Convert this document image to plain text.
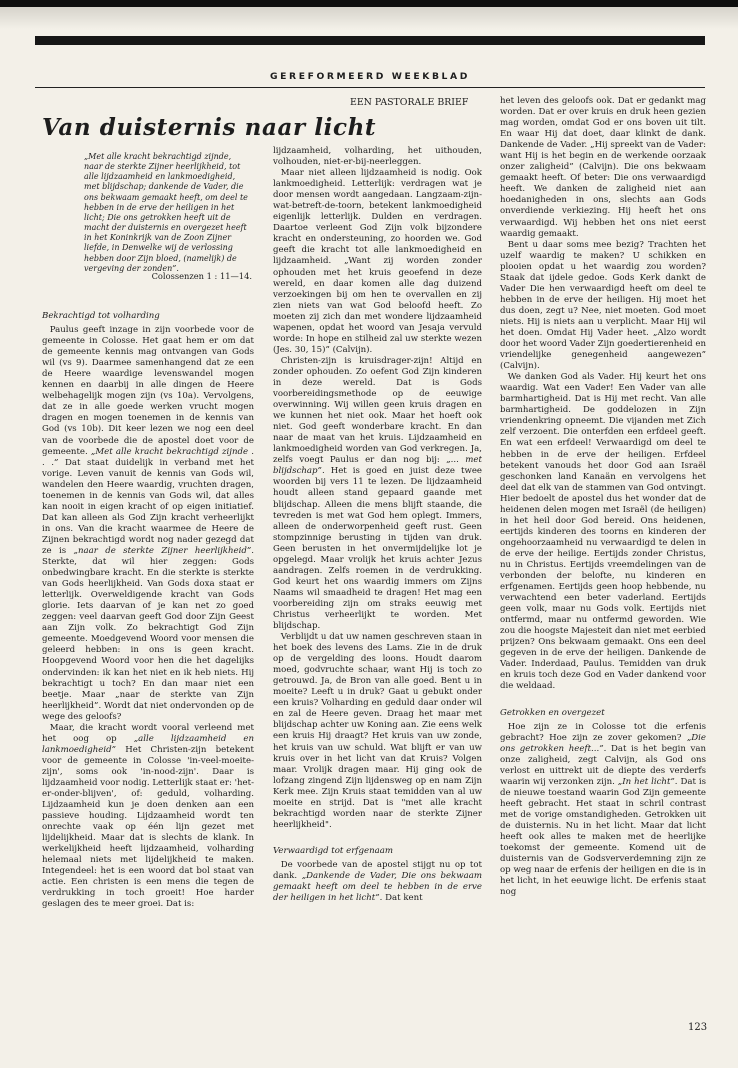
GEREFORMEERD WEEKBLAD
EEN PASTORALE BRIEF
Van duisternis naar licht
„Met alle kracht bekrachtigd zijnde, naar de sterkte Zijner heerlijkheid, tot alle lijdzaamheid en lankmoedigheid, met blijdschap; dankende de Vader, die ons bekwaam gemaakt heeft, om deel te hebben in de erve der heiligen in het licht; Die ons getrokken heeft uit de macht der duisternis en overgezet heeft in het Koninkrijk van de Zoon Zijner liefde, in Denwelke wij de verlossing hebben door Zijn bloed, (namelijk) de vergeving der zonden”.
Colossenzen 1 : 11—14.
Bekrachtigd tot volharding

Paulus geeft inzage in zijn voorbede voor de gemeente in Colosse. Het gaat hem er om dat de gemeente kennis mag ontvangen van Gods wil (vs 9). Daarmee samenhangend dat ze een de Heere waardige levenswandel mogen kennen en daarbij in alle dingen de Heere welbehagelijk mogen zijn (vs 10a). Vervolgens, dat ze in alle goede werken vrucht mogen dragen en mogen toenemen in de kennis van God (vs 10b). Dit keer lezen we nog een deel van de voorbede die de apostel doet voor de gemeente. „Met alle kracht bekrachtigd zijnde . . .” Dat staat duidelijk in verband met het vorige. Leven vanuit de kennis van Gods wil, wandelen den Heere waardig, vruchten dragen, toenemen in de kennis van Gods wil, dat alles kan nooit in eigen kracht of op eigen initiatief. Dat kan alleen als God Zijn kracht verheerlijkt in ons. Van die kracht waarmee de Heere de Zijnen bekrachtigd wordt nog nader gezegd dat ze is „naar de sterkte Zijner heerlijkheid”. Sterkte, dat wil hier zeggen: Gods onbedwingbare kracht. En die sterkte is sterkte van Gods heerlijkheid. Van Gods doxa staat er letterlijk. Overweldigende kracht van Gods glorie. Iets daarvan of je kan net zo goed zeggen: veel daarvan geeft God door Zijn Geest aan Zijn volk. Zo bekrachtigt God Zijn gemeente. Moedgevend Woord voor mensen die geleerd hebben: in ons is geen kracht. Hoopgevend Woord voor hen die het dagelijks ondervinden: ik kan het niet en ik heb niets. Hij bekrachtigt u toch? En dan maar niet een beetje. Maar „naar de sterkte van Zijn heerlijkheid”. Wordt dat niet ondervonden op de wege des geloofs?

Maar, die kracht wordt vooral verleend met het oog op „alle lijdzaamheid en lankmoedigheid” Het Christen-zijn betekent voor de gemeente in Colosse 'in-veel-moeite-zijn', soms ook 'in-nood-zijn'. Daar is lijdzaamheid voor nodig. Letterlijk staat er: 'het-er-onder-blijven', of: geduld, volharding. Lijdzaamheid kun je doen denken aan een passieve houding. Lijdzaamheid wordt ten onrechte vaak op één lijn gezet met lijdelijkheid. Maar dat is slechts de klank. In werkelijkheid heeft lijdzaamheid, volharding helemaal niets met lijdelijkheid te maken. Integendeel: het is een woord dat bol staat van actie. Een christen is een mens die tegen de verdrukking in toch groeit! Hoe harder geslagen des te meer groei. Dat is:

lijdzaamheid, volharding, het uithouden, volhouden, niet-er-bij-neerleggen.

Maar niet alleen lijdzaamheid is nodig. Ook lankmoedigheid. Letterlijk: verdragen wat je door mensen wordt aangedaan. Langzaam-zijn-wat-betreft-de-toorn, betekent lankmoedigheid eigenlijk letterlijk. Dulden en verdragen. Daartoe verleent God Zijn volk bijzondere kracht en ondersteuning, zo hoorden we. God geeft die kracht tot alle lankmoedigheid en lijdzaamheid. „Want zij worden zonder ophouden met het kruis geoefend in deze wereld, en daar komen alle dag duizend verzoekingen bij om hen te overvallen en zij zien niets van wat God beloofd heeft. Zo moeten zij zich dan met wondere lijdzaamheid wapenen, opdat het woord van Jesaja vervuld worde: In hope en stilheid zal uw sterkte wezen (Jes. 30, 15)” (Calvijn).

Christen-zijn is kruisdrager-zijn! Altijd en zonder ophouden. Zo oefent God Zijn kinderen in deze wereld. Dat is Gods voorbereidingsmethode op de eeuwige overwinning. Wij willen geen kruis dragen en we kunnen het niet ook. Maar het hoeft ook niet. God geeft wonderbare kracht. En dan naar de maat van het kruis. Lijdzaamheid en lankmoedigheid worden van God verkregen. Ja, zelfs voegt Paulus er dan nog bij: „... met blijdschap”. Het is goed en juist deze twee woorden bij vers 11 te lezen. De lijdzaamheid houdt alleen stand gepaard gaande met blijdschap. Alleen die mens blijft staande, die tevreden is met wat God hem oplegt. Immers, alleen de onderworpenheid geeft rust. Geen stompzinnige berusting in tijden van druk. Geen berusten in het onvermijdelijke lot je opgelegd. Maar vrolijk het kruis achter Jezus aandragen. Zelfs roemen in de verdrukking. God keurt het ons waardig immers om Zijns Naams wil smaadheid te dragen! Het mag een voorbereiding zijn om straks eeuwig met Christus verheerlijkt te worden. Met blijdschap.

Verblijdt u dat uw namen geschreven staan in het boek des levens des Lams. Zie in de druk op de vergelding des loons. Houdt daarom moed, godvruchte schaar, want Hij is toch zo getrouwd. Ja, de Bron van alle goed. Bent u in moeite? Leeft u in druk? Gaat u gebukt onder een kruis? Volharding en geduld daar onder wil en zal de Heere geven. Draag het maar met blijdschap achter uw Koning aan. Zie eens welk een kruis Hij draagt? Het kruis van uw zonde, het kruis van uw schuld. Wat blijft er van uw kruis over in het licht van dat Kruis? Volgen maar. Vrolijk dragen maar. Hij ging ook de lofzang zingend Zijn lijdensweg op en nam Zijn Kerk mee. Zijn Kruis staat temidden van al uw moeite en strijd. Dat is "met alle kracht bekrachtigd worden naar de sterkte Zijner heerlijkheid".

Verwaardigd tot erfgenaam

De voorbede van de apostel stijgt nu op tot dank. „Dankende de Vader, Die ons bekwaam gemaakt heeft om deel te hebben in de erve der heiligen in het licht”. Dat kent

het leven des geloofs ook. Dat er gedankt mag worden. Dat er over kruis en druk heen gezien mag worden, omdat God er ons boven uit tilt. En waar Hij dat doet, daar klinkt de dank. Dankende de Vader. „Hij spreekt van de Vader: want Hij is het begin en de werkende oorzaak onzer zaligheid” (Calvijn). Die ons bekwaam gemaakt heeft. Of beter: Die ons verwaardigd heeft. We danken de zaligheid niet aan hoedanigheden in ons, slechts aan Gods onverdiende verkiezing. Hij heeft het ons verwaardigd. Wij hebben het ons niet eerst waardig gemaakt.

Bent u daar soms mee bezig? Trachten het uzelf waardig te maken? U schikken en plooien opdat u het waardig zou worden? Staak dat ijdele gedoe. Gods Kerk dankt de Vader Die hen verwaardigd heeft om deel te hebben in de erve der heiligen. Hij moet het dus doen, zegt u? Nee, niet moeten. God moet niets. Hij is niets aan u verplicht. Maar Hij wil het doen. Omdat Hij Vader heet. „Alzo wordt door het woord Vader Zijn goedertierenheid en vriendelijke genegenheid aangewezen” (Calvijn).

We danken God als Vader. Hij keurt het ons waardig. Wat een Vader! Een Vader van alle barmhartigheid. Dat is Hij met recht. Van alle barmhartigheid. De goddelozen in Zijn vriendenkring opneemt. Die vijanden met Zich zelf verzoent. Die onterfden een erfdeel geeft. En wat een erfdeel! Verwaardigd om deel te hebben in de erve der heiligen. Erfdeel betekent vanouds het door God aan Israël geschonken land Kanaän en vervolgens het deel dat elk van de stammen van God ontvingt. Hier bedoelt de apostel dus het wonder dat de heidenen delen mogen met Israël (de heiligen) in het heil door God bereid. Ons heidenen, eertijds kinderen des toorns en kinderen der ongehoorzaamheid nu verwaardigd te delen in de erve der heilige. Eertijds zonder Christus, nu in Christus. Eertijds vreemdelingen van de verbonden der belofte, nu kinderen en erfgenamen. Eertijds geen hoop hebbende, nu verwachtend een beter vaderland. Eertijds geen volk, maar nu Gods volk. Eertijds niet ontfermd, maar nu ontfermd geworden. Wie zou die hoogste Majesteit dan niet met eerbied prijzen? Ons bekwaam gemaakt. Ons een deel gegeven in de erve der heiligen. Dankende de Vader. Inderdaad, Paulus. Temidden van druk en kruis toch deze God en Vader dankend voor die weldaad.

Getrokken en overgezet

Hoe zijn ze in Colosse tot die erfenis gebracht? Hoe zijn ze zover gekomen? „Die ons getrokken heeft...”. Dat is het begin van onze zaligheid, zegt Calvijn, als God ons verlost en uittrekt uit de diepte des verderfs waarin wij verzonken zijn. „In het licht”. Dat is de nieuwe toestand waarin God Zijn gemeente heeft gebracht. Het staat in schril contrast met de vorige omstandigheden. Getrokken uit de duisternis. Nu in het licht. Maar dat licht heeft ook alles te maken met de heerlijke toekomst der gemeente. Komend uit de duisternis van de Godsververdemning zijn ze op weg naar de erfenis der heiligen en die is in het licht, in het eeuwige licht. De erfenis staat nog

123
